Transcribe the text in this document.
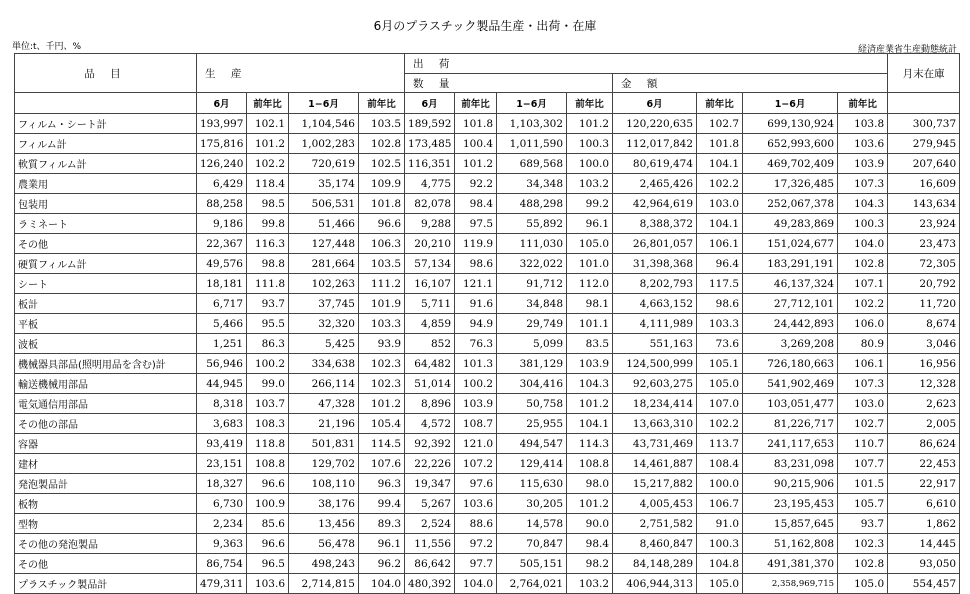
6月のプラスチック製品生産・出荷・在庫
単位:t、千円、%	経済産業省生産動態統計
品 目	生 産				出 荷								月末在庫
					数 量				金 額				
	6月	前年比	1−6月	前年比	6月	前年比	1−6月	前年比	6月	前年比	1−6月	前年比	
フィルム・シート計	193,997	102.1	1,104,546	103.5	189,592	101.8	1,103,302	101.2	120,220,635	102.7	699,130,924	103.8	300,737
フィルム計	175,816	101.2	1,002,283	102.8	173,485	100.4	1,011,590	100.3	112,017,842	101.8	652,993,600	103.6	279,945
軟質フィルム計	126,240	102.2	720,619	102.5	116,351	101.2	689,568	100.0	80,619,474	104.1	469,702,409	103.9	207,640
農業用	6,429	118.4	35,174	109.9	4,775	92.2	34,348	103.2	2,465,426	102.2	17,326,485	107.3	16,609
包装用	88,258	98.5	506,531	101.8	82,078	98.4	488,298	99.2	42,964,619	103.0	252,067,378	104.3	143,634
ラミネート	9,186	99.8	51,466	96.6	9,288	97.5	55,892	96.1	8,388,372	104.1	49,283,869	100.3	23,924
その他	22,367	116.3	127,448	106.3	20,210	119.9	111,030	105.0	26,801,057	106.1	151,024,677	104.0	23,473
硬質フィルム計	49,576	98.8	281,664	103.5	57,134	98.6	322,022	101.0	31,398,368	96.4	183,291,191	102.8	72,305
シート	18,181	111.8	102,263	111.2	16,107	121.1	91,712	112.0	8,202,793	117.5	46,137,324	107.1	20,792
板計	6,717	93.7	37,745	101.9	5,711	91.6	34,848	98.1	4,663,152	98.6	27,712,101	102.2	11,720
平板	5,466	95.5	32,320	103.3	4,859	94.9	29,749	101.1	4,111,989	103.3	24,442,893	106.0	8,674
波板	1,251	86.3	5,425	93.9	852	76.3	5,099	83.5	551,163	73.6	3,269,208	80.9	3,046
機械器具部品(照明用品を含む)計	56,946	100.2	334,638	102.3	64,482	101.3	381,129	103.9	124,500,999	105.1	726,180,663	106.1	16,956
輸送機械用部品	44,945	99.0	266,114	102.3	51,014	100.2	304,416	104.3	92,603,275	105.0	541,902,469	107.3	12,328
電気通信用部品	8,318	103.7	47,328	101.2	8,896	103.9	50,758	101.2	18,234,414	107.0	103,051,477	103.0	2,623
その他の部品	3,683	108.3	21,196	105.4	4,572	108.7	25,955	104.1	13,663,310	102.2	81,226,717	102.7	2,005
容器	93,419	118.8	501,831	114.5	92,392	121.0	494,547	114.3	43,731,469	113.7	241,117,653	110.7	86,624
建材	23,151	108.8	129,702	107.6	22,226	107.2	129,414	108.8	14,461,887	108.4	83,231,098	107.7	22,453
発泡製品計	18,327	96.6	108,110	96.3	19,347	97.6	115,630	98.0	15,217,882	100.0	90,215,906	101.5	22,917
板物	6,730	100.9	38,176	99.4	5,267	103.6	30,205	101.2	4,005,453	106.7	23,195,453	105.7	6,610
型物	2,234	85.6	13,456	89.3	2,524	88.6	14,578	90.0	2,751,582	91.0	15,857,645	93.7	1,862
その他の発泡製品	9,363	96.6	56,478	96.1	11,556	97.2	70,847	98.4	8,460,847	100.3	51,162,808	102.3	14,445
その他	86,754	96.5	498,243	96.2	86,642	97.7	505,151	98.2	84,148,289	104.8	491,381,370	102.8	93,050
プラスチック製品計	479,311	103.6	2,714,815	104.0	480,392	104.0	2,764,021	103.2	406,944,313	105.0	2,358,969,715	105.0	554,457
